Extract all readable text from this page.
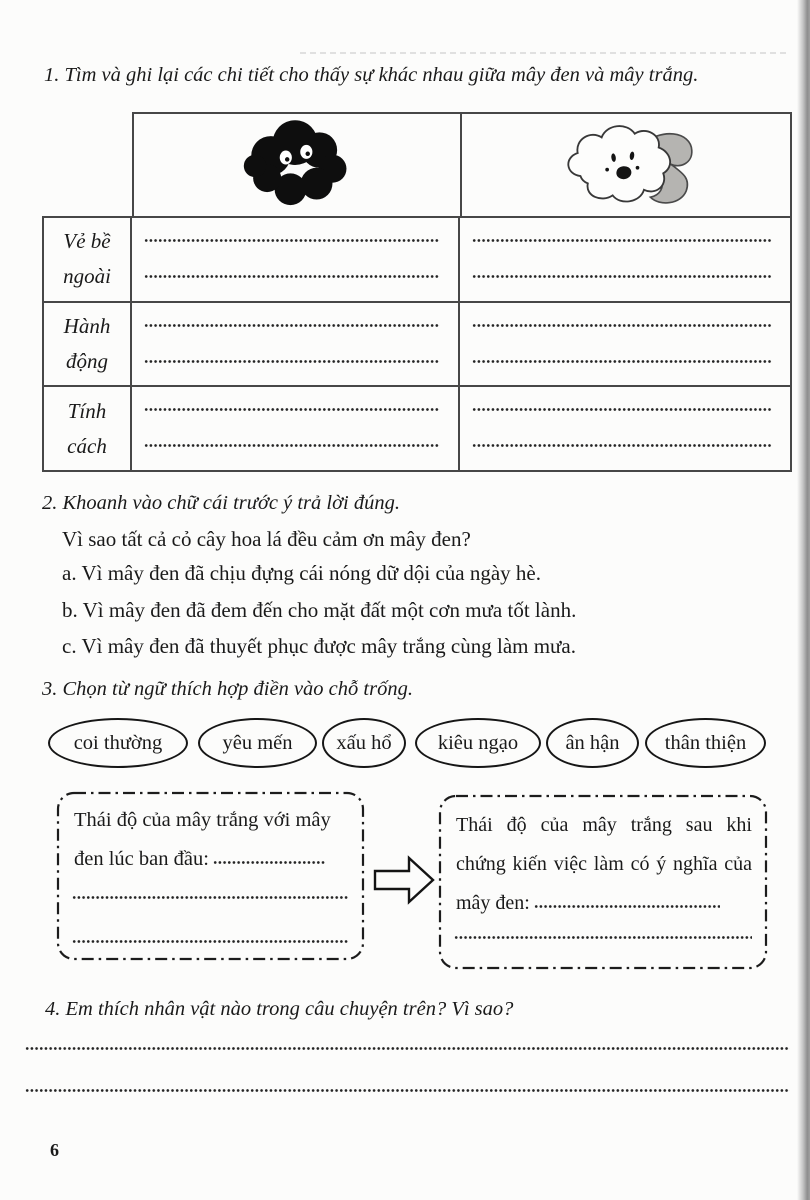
1. Tìm và ghi lại các chi tiết cho thấy sự khác nhau giữa mây đen và mây trắng.
Vẻ bề
ngoài
Hành
động
Tính
cách
2. Khoanh vào chữ cái trước ý trả lời đúng.
Vì sao tất cả cỏ cây hoa lá đều cảm ơn mây đen?
a. Vì mây đen đã chịu đựng cái nóng dữ dội của ngày hè.
b. Vì mây đen đã đem đến cho mặt đất một cơn mưa tốt lành.
c. Vì mây đen đã thuyết phục được mây trắng cùng làm mưa.
3. Chọn từ ngữ thích hợp điền vào chỗ trống.
coi thường	yêu mến xấu hổ kiêu ngạo ân hận thân thiện
Thái độ của mây trắng với mây đen lúc ban đầu:
Thái độ của mây trắng sau khi chứng kiến việc làm có ý nghĩa của mây đen:
4. Em thích nhân vật nào trong câu chuyện trên? Vì sao?
6
